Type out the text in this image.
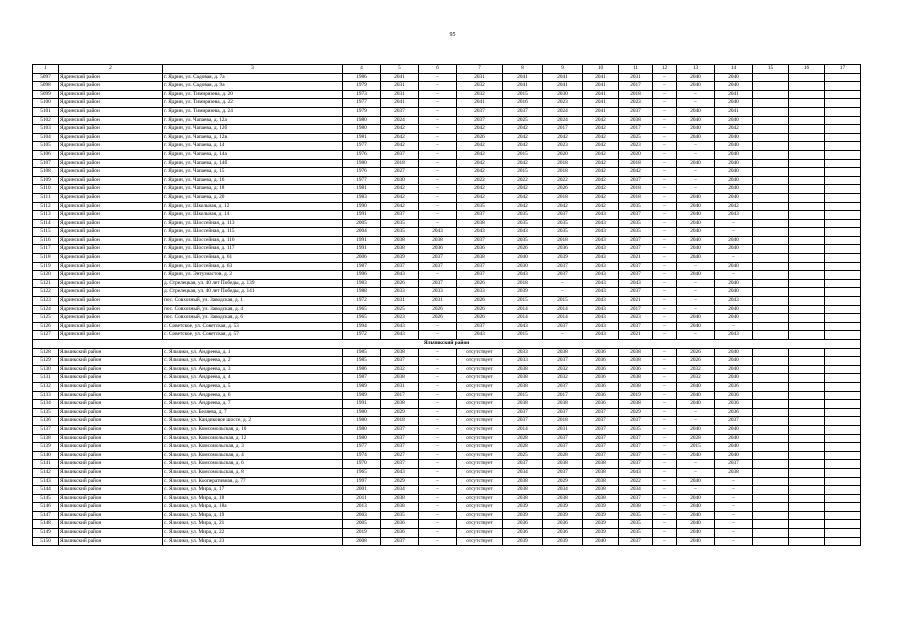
95
1	2	3	4	5	6	7	8	9	10	11	12	13	14	15	16	17
5097	Ядринский район	г. Ядрин, ул. Садовая, д. 7а	1986	2041	–	2031	2041	2041	2041	2031	–	2040	2040			
5098	Ядринский район	г. Ядрин, ул. Садовая, д. 9а	1979	2031	–	2032	2041	2041	2041	2017	–	2040	2040			
5099	Ядринский район	г. Ядрин, ул. Тимирязева, д. 20	1973	2031	–	2032	2015	2030	2041	2018	–	–	2041			
5100	Ядринский район	г. Ядрин, ул. Тимирязева, д. 22	1977	2041	–	2041	2016	2023	2041	2023	–	–	2040			
5101	Ядринский район	г. Ядрин, ул. Тимирязева, д. 24	1979	2037	–	2037	2037	2024	2041	2037	–	2040	2041			
5102	Ядринский район	г. Ядрин, ул. Чапаева, д. 12а	1980	2024	–	2037	2025	2024	2042	2038	–	2040	2040			
5103	Ядринский район	г. Ядрин, ул. Чапаева, д. 12б	1980	2042	–	2042	2042	2017	2042	2017	–	2040	2042			
5104	Ядринский район	г. Ядрин, ул. Чапаева, д. 12в	1981	2042	–	2026	2042	2042	2042	2025	–	2040	2040			
5105	Ядринский район	г. Ядрин, ул. Чапаева, д. 14	1977	2042	–	2042	2042	2023	2042	2023	–	–	2040			
5106	Ядринский район	г. Ядрин, ул. Чапаева, д. 14а	1976	2037	–	2042	2015	2020	2042	2020	–	–	2040			
5107	Ядринский район	г. Ядрин, ул. Чапаева, д. 14б	1980	2018	–	2042	2042	2018	2042	2018	–	2040	2040			
5108	Ядринский район	г. Ядрин, ул. Чапаева, д. 15	1976	2027	–	2042	2015	2018	2042	2042	–	–	2040			
5109	Ядринский район	г. Ядрин, ул. Чапаева, д. 16	1977	2030	–	2022	2022	2022	2042	2037	–	–	2040			
5110	Ядринский район	г. Ядрин, ул. Чапаева, д. 18	1981	2042	–	2042	2042	2026	2042	2018	–	–	2040			
5111	Ядринский район	г. Ядрин, ул. Чапаева, д. 20	1983	2042	–	2042	2042	2018	2042	2018	–	2040	2040			
5112	Ядринский район	г. Ядрин, ул. Школьная, д. 12	1990	2042	–	2035	2042	2042	2042	2035	–	2040	2042			
5113	Ядринский район	г. Ядрин, ул. Школьная, д. 14	1991	2037	–	2037	2035	2037	2043	2037	–	2040	2043			
5114	Ядринский район	г. Ядрин, ул. Шоссейная, д. 113	2005	2035	–	2038	2035	2035	2043	2035	–	2040	–			
5115	Ядринский район	г. Ядрин, ул. Шоссейная, д. 115	2004	2035	2043	2043	2043	2035	2043	2035	–	2040	–			
5116	Ядринский район	г. Ядрин, ул. Шоссейная, д. 116	1991	2038	2038	2037	2035	2018	2043	2037	–	2040	2040			
5117	Ядринский район	г. Ядрин, ул. Шоссейная, д. 117	1991	2038	2036	2036	2026	2036	2043	2037	–	2040	2040			
5118	Ядринский район	г. Ядрин, ул. Шоссейная, д. 61	2006	2039	2037	2038	2040	2039	2043	2021	–	2040	–			
5119	Ядринский район	г. Ядрин, ул. Шоссейная, д. 63	1987	2037	2037	2037	2030	2037	2043	2037	–	–	2040			
5120	Ядринский район	г. Ядрин, ул. Энтузиастов, д. 2	1996	2043	–	2037	2043	2037	2043	2037	–	2040	–			
5121	Ядринский район	д. Стрелецкая, ул. 40 лет Победы, д. 139	1983	2026	2037	2026	2018	–	2043	2043	–	–	2040			
5122	Ядринский район	д. Стрелецкая, ул. 40 лет Победы, д. 141	1988	2033	2033	2033	2039	–	2043	2037	–	–	2040			
5123	Ядринский район	пос. Совхозный, ул. Заводская, д. 1	1972	2031	2031	2026	2015	2015	2043	2021	–	–	2043			
5124	Ядринский район	пос. Совхозный, ул. Заводская, д. 4	1965	2025	2026	2026	2014	2014	2043	2017	–	–	2040			
5125	Ядринский район	пос. Совхозный, ул. Заводская, д. 6	1965	2023	2026	2026	2014	2014	2043	2023	–	2040	2040			
5126	Ядринский район	с. Советское, ул. Советская, д. 53	1994	2043	–	2037	2043	2037	2043	2037	–	2040	–			
5127	Ядринский район	с. Советское, ул. Советская, д. 57	1972	2043	–	2043	2015	–	2043	2021	–	–	2043			
Яльчикский район																
5128	Яльчикский район	с. Яльчики, ул. Андреева, д. 1	1985	2038	–	отсутствует	2033	2038	2036	2038	–	2026	2040			
5129	Яльчикский район	с. Яльчики, ул. Андреева, д. 2	1985	2037	–	отсутствует	2033	2037	2036	2038	–	2026	2040			
5130	Яльчикский район	с. Яльчики, ул. Андреева, д. 3	1986	2032	–	отсутствует	2038	2032	2036	2036	–	2032	2040			
5131	Яльчикский район	с. Яльчики, ул. Андреева, д. 4	1987	2038	–	отсутствует	2038	2032	2036	2038	–	2032	2040			
5132	Яльчикский район	с. Яльчики, ул. Андреева, д. 5	1989	2031	–	отсутствует	2038	2037	2036	2038	–	2040	2036			
5133	Яльчикский район	с. Яльчики, ул. Андреева, д. 6	1989	2017	–	отсутствует	2015	2017	2036	2019	–	2040	2036			
5134	Яльчикский район	с. Яльчики, ул. Андреева, д. 7	1991	2038	–	отсутствует	2038	2038	2036	2038	–	2040	2036			
5135	Яльчикский район	с. Яльчики, ул. Беляева, д. 7	1980	2029	–	отсутствует	2037	2037	2037	2029	–	–	2036			
5136	Яльчикский район	с. Яльчики, ул. Кандиковое шоссе, д. 2	1980	2018	–	отсутствует	2037	2018	2037	2037	–	–	2037			
5137	Яльчикский район	с. Яльчики, ул. Комсомольская, д. 10	1980	2037	–	отсутствует	2014	2031	2037	2035	–	2040	2040			
5138	Яльчикский район	с. Яльчики, ул. Комсомольская, д. 12	1980	2037	–	отсутствует	2028	2037	2037	2037	–	2028	2040			
5139	Яльчикский район	с. Яльчики, ул. Комсомольская, д. 3	1977	2037	–	отсутствует	2028	2037	2037	2037	–	2015	2040			
5140	Яльчикский район	с. Яльчики, ул. Комсомольская, д. 4	1974	2027	–	отсутствует	2025	2028	2037	2037	–	2040	2040			
5141	Яльчикский район	с. Яльчики, ул. Комсомольская, д. 6	1970	2037	–	отсутствует	2037	2038	2038	2037	–	–	2037			
5142	Яльчикский район	с. Яльчики, ул. Комсомольская, д. 8	1965	2043	–	отсутствует	2034	2037	2038	2043	–	–	2038			
5143	Яльчикский район	с. Яльчики, ул. Кооперативная, д. 77	1997	2029	–	отсутствует	2038	2029	2038	2022	–	2040	–			
5144	Яльчикский район	с. Яльчики, ул. Мира, д. 17	2001	2034	–	отсутствует	2038	2034	2038	2034	–	–	–			
5145	Яльчикский район	с. Яльчики, ул. Мира, д. 18	2011	2038	–	отсутствует	2038	2038	2038	2037	–	2040	–			
5146	Яльчикский район	с. Яльчики, ул. Мира, д. 18а	2013	2038	–	отсутствует	2039	2039	2039	2038	–	2040	–			
5147	Яльчикский район	с. Яльчики, ул. Мира, д. 19	2003	2035	–	отсутствует	2039	2039	2039	2035	–	2040	–			
5148	Яльчикский район	с. Яльчики, ул. Мира, д. 21	2005	2036	–	отсутствует	2036	2036	2039	2035	–	2040	–			
5149	Яльчикский район	с. Яльчики, ул. Мира, д. 22	2019	2036	–	отсутствует	2036	2036	2039	2035	–	2040	–			
5150	Яльчикский район	с. Яльчики, ул. Мира, д. 23	2008	2037	–	отсутствует	2039	2039	2040	2037	–	2040	–			
